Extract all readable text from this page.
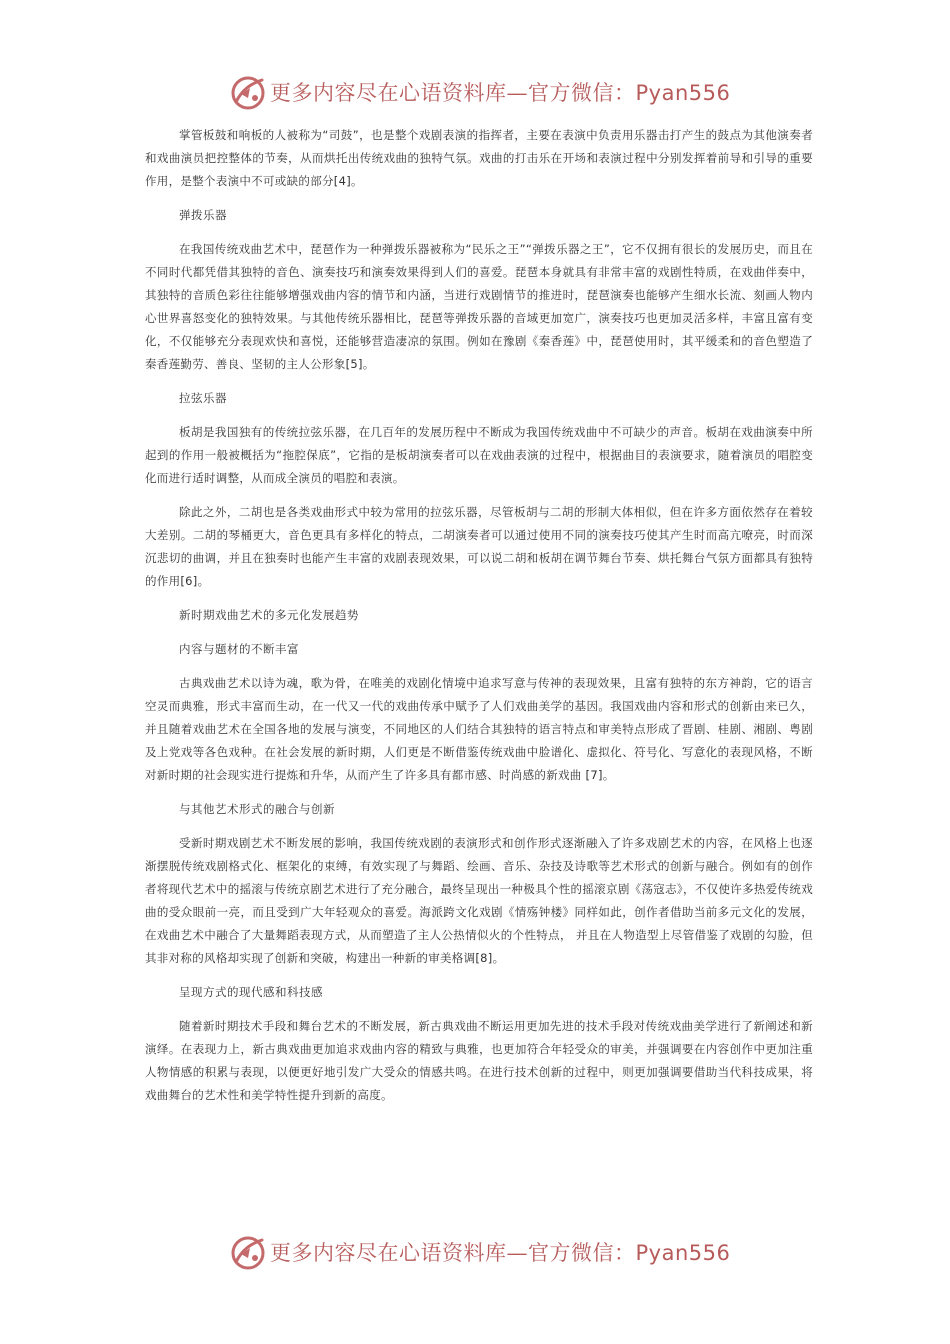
更多内容尽在心语资料库—官方微信：Pyan556

掌管板鼓和响板的人被称为“司鼓”，也是整个戏剧表演的指挥者，主要在表演中负责用乐器击打产生的鼓点为其他演奏者和戏曲演员把控整体的节奏，从而烘托出传统戏曲的独特气氛。戏曲的打击乐在开场和表演过程中分别发挥着前导和引导的重要作用，是整个表演中不可或缺的部分[4]。

弹拨乐器

在我国传统戏曲艺术中，琵琶作为一种弹拨乐器被称为“民乐之王”“弹拨乐器之王”，它不仅拥有很长的发展历史，而且在不同时代都凭借其独特的音色、演奏技巧和演奏效果得到人们的喜爱。琵琶本身就具有非常丰富的戏剧性特质，在戏曲伴奏中，其独特的音质色彩往往能够增强戏曲内容的情节和内涵，当进行戏剧情节的推进时，琵琶演奏也能够产生细水长流、刻画人物内心世界喜怒变化的独特效果。与其他传统乐器相比，琵琶等弹拨乐器的音域更加宽广，演奏技巧也更加灵活多样，丰富且富有变化，不仅能够充分表现欢快和喜悦，还能够营造凄凉的氛围。例如在豫剧《秦香莲》中，琵琶使用时，其平缓柔和的音色塑造了秦香莲勤劳、善良、坚韧的主人公形象[5]。

拉弦乐器

板胡是我国独有的传统拉弦乐器，在几百年的发展历程中不断成为我国传统戏曲中不可缺少的声音。板胡在戏曲演奏中所起到的作用一般被概括为“拖腔保底”，它指的是板胡演奏者可以在戏曲表演的过程中，根据曲目的表演要求，随着演员的唱腔变化而进行适时调整，从而成全演员的唱腔和表演。

除此之外，二胡也是各类戏曲形式中较为常用的拉弦乐器，尽管板胡与二胡的形制大体相似，但在许多方面依然存在着较大差别。二胡的琴桶更大，音色更具有多样化的特点，二胡演奏者可以通过使用不同的演奏技巧使其产生时而高亢嘹亮，时而深沉悲切的曲调，并且在独奏时也能产生丰富的戏剧表现效果，可以说二胡和板胡在调节舞台节奏、烘托舞台气氛方面都具有独特的作用[6]。

新时期戏曲艺术的多元化发展趋势

内容与题材的不断丰富

古典戏曲艺术以诗为魂，歌为骨，在唯美的戏剧化情境中追求写意与传神的表现效果，且富有独特的东方神韵，它的语言空灵而典雅，形式丰富而生动，在一代又一代的戏曲传承中赋予了人们戏曲美学的基因。我国戏曲内容和形式的创新由来已久，并且随着戏曲艺术在全国各地的发展与演变，不同地区的人们结合其独特的语言特点和审美特点形成了晋剧、桂剧、湘剧、粤剧及上党戏等各色戏种。在社会发展的新时期，人们更是不断借鉴传统戏曲中脸谱化、虚拟化、符号化、写意化的表现风格，不断对新时期的社会现实进行提炼和升华，从而产生了许多具有都市感、时尚感的新戏曲 [7]。

与其他艺术形式的融合与创新

受新时期戏剧艺术不断发展的影响，我国传统戏剧的表演形式和创作形式逐渐融入了许多戏剧艺术的内容，在风格上也逐渐摆脱传统戏剧格式化、框架化的束缚，有效实现了与舞蹈、绘画、音乐、杂技及诗歌等艺术形式的创新与融合。例如有的创作者将现代艺术中的摇滚与传统京剧艺术进行了充分融合，最终呈现出一种极具个性的摇滚京剧《荡寇志》，不仅使许多热爱传统戏曲的受众眼前一亮，而且受到广大年轻观众的喜爱。海派跨文化戏剧《情殇钟楼》同样如此，创作者借助当前多元文化的发展，在戏曲艺术中融合了大量舞蹈表现方式，从而塑造了主人公热情似火的个性特点， 并且在人物造型上尽管借鉴了戏剧的勾脸，但其非对称的风格却实现了创新和突破，构建出一种新的审美格调[8]。

呈现方式的现代感和科技感

随着新时期技术手段和舞台艺术的不断发展，新古典戏曲不断运用更加先进的技术手段对传统戏曲美学进行了新阐述和新演绎。在表现力上，新古典戏曲更加追求戏曲内容的精致与典雅，也更加符合年轻受众的审美，并强调要在内容创作中更加注重人物情感的积累与表现，以便更好地引发广大受众的情感共鸣。在进行技术创新的过程中，则更加强调要借助当代科技成果，将戏曲舞台的艺术性和美学特性提升到新的高度。

更多内容尽在心语资料库—官方微信：Pyan556
